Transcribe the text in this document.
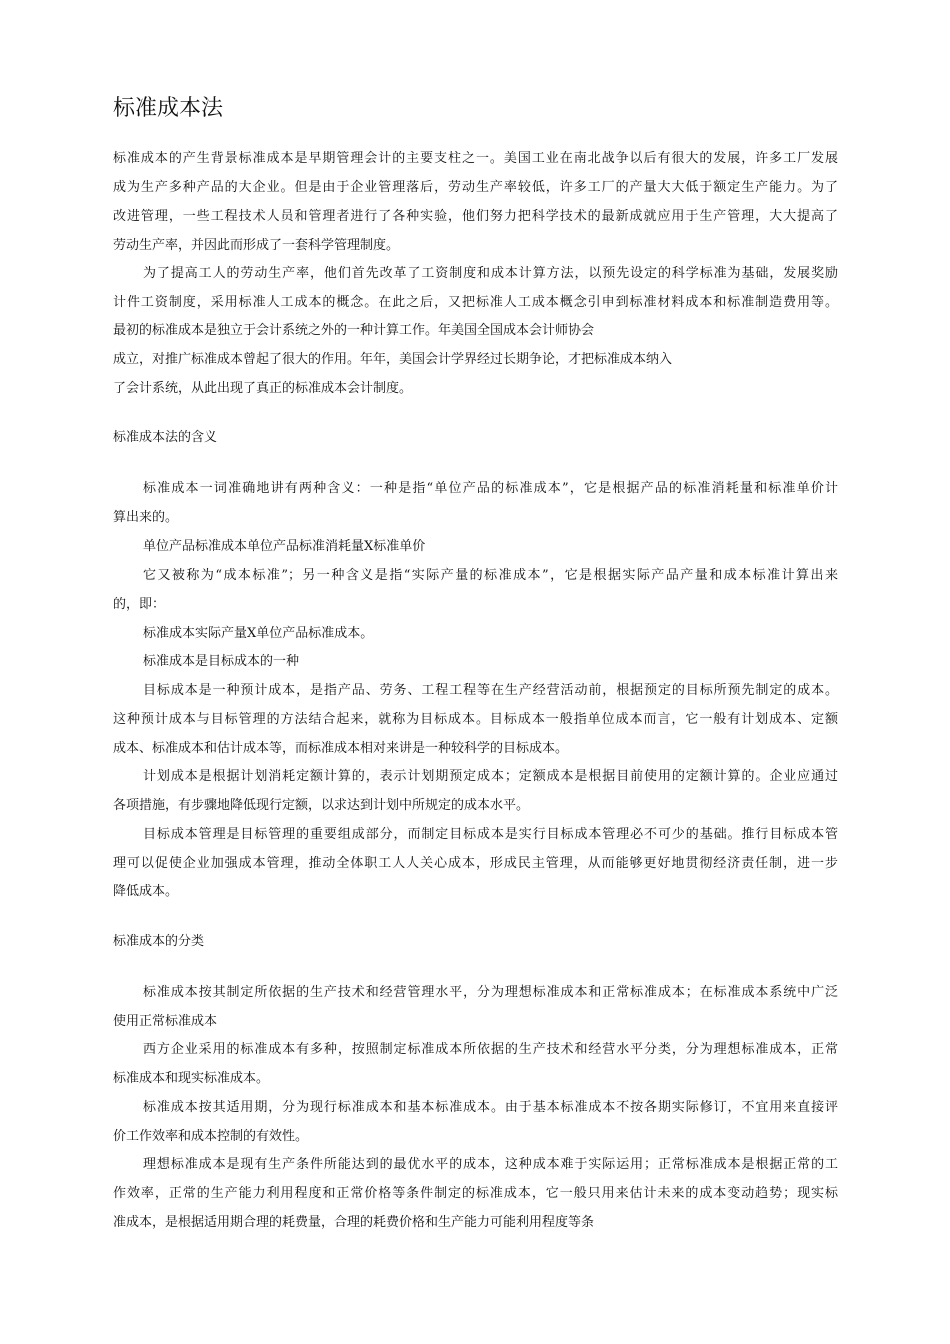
标准成本法

标准成本的产生背景标准成本是早期管理会计的主要支柱之一。美国工业在南北战争以后有很大的发展，许多工厂发展

成为生产多种产品的大企业。但是由于企业管理落后，劳动生产率较低，许多工厂的产量大大低于额定生产能力。为了

改进管理，一些工程技术人员和管理者进行了各种实验，他们努力把科学技术的最新成就应用于生产管理，大大提高了

劳动生产率，并因此而形成了一套科学管理制度。

为了提高工人的劳动生产率，他们首先改革了工资制度和成本计算方法，以预先设定的科学标准为基础，发展奖励

计件工资制度，采用标准人工成本的概念。在此之后，又把标准人工成本概念引申到标准材料成本和标准制造费用等。

最初的标准成本是独立于会计系统之外的一种计算工作。年美国全国成本会计师协会

成立，对推广标准成本曾起了很大的作用。年年，美国会计学界经过长期争论，才把标准成本纳入

了会计系统，从此出现了真正的标准成本会计制度。

标准成本法的含义

标准成本一词准确地讲有两种含义：一种是指“单位产品的标准成本”，它是根据产品的标准消耗量和标准单价计

算出来的。

单位产品标准成本单位产品标准消耗量X标准单价

它又被称为“成本标准”；另一种含义是指“实际产量的标准成本”，它是根据实际产品产量和成本标准计算出来

的，即：

标准成本实际产量X单位产品标准成本。

标准成本是目标成本的一种

目标成本是一种预计成本，是指产品、劳务、工程工程等在生产经营活动前，根据预定的目标所预先制定的成本。

这种预计成本与目标管理的方法结合起来，就称为目标成本。目标成本一般指单位成本而言，它一般有计划成本、定额

成本、标准成本和估计成本等，而标准成本相对来讲是一种较科学的目标成本。

计划成本是根据计划消耗定额计算的，表示计划期预定成本；定额成本是根据目前使用的定额计算的。企业应通过

各项措施，有步骤地降低现行定额，以求达到计划中所规定的成本水平。

目标成本管理是目标管理的重要组成部分，而制定目标成本是实行目标成本管理必不可少的基础。推行目标成本管

理可以促使企业加强成本管理，推动全体职工人人关心成本，形成民主管理，从而能够更好地贯彻经济责任制，进一步

降低成本。

标准成本的分类

标准成本按其制定所依据的生产技术和经营管理水平，分为理想标准成本和正常标准成本；在标准成本系统中广泛

使用正常标准成本

西方企业采用的标准成本有多种，按照制定标准成本所依据的生产技术和经营水平分类，分为理想标准成本，正常

标准成本和现实标准成本。

标准成本按其适用期，分为现行标准成本和基本标准成本。由于基本标准成本不按各期实际修订，不宜用来直接评

价工作效率和成本控制的有效性。

理想标准成本是现有生产条件所能达到的最优水平的成本，这种成本难于实际运用；正常标准成本是根据正常的工

作效率，正常的生产能力利用程度和正常价格等条件制定的标准成本，它一般只用来估计未来的成本变动趋势；现实标

准成本，是根据适用期合理的耗费量，合理的耗费价格和生产能力可能利用程度等条
